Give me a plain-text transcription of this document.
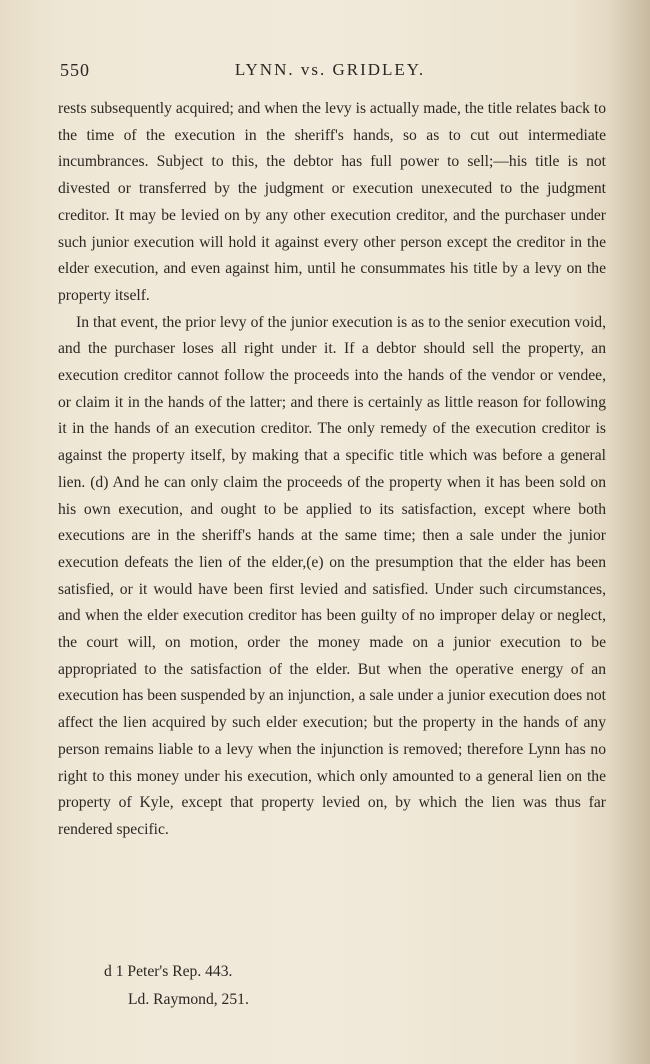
550	LYNN. vs. GRIDLEY.

rests subsequently acquired; and when the levy is actually made, the title relates back to the time of the execution in the sheriff's hands, so as to cut out intermediate incumbrances. Subject to this, the debtor has full power to sell;—his title is not divested or transferred by the judgment or execution unexecuted to the judgment creditor. It may be levied on by any other execution creditor, and the purchaser under such junior execution will hold it against every other person except the creditor in the elder execution, and even against him, until he consummates his title by a levy on the property itself.

In that event, the prior levy of the junior execution is as to the senior execution void, and the purchaser loses all right under it. If a debtor should sell the property, an execution creditor cannot follow the proceeds into the hands of the vendor or vendee, or claim it in the hands of the latter; and there is certainly as little reason for following it in the hands of an execution creditor. The only remedy of the execution creditor is against the property itself, by making that a specific title which was before a general lien. (d) And he can only claim the proceeds of the property when it has been sold on his own execution, and ought to be applied to its satisfaction, except where both executions are in the sheriff's hands at the same time; then a sale under the junior execution defeats the lien of the elder,(e) on the presumption that the elder has been satisfied, or it would have been first levied and satisfied. Under such circumstances, and when the elder execution creditor has been guilty of no improper delay or neglect, the court will, on motion, order the money made on a junior execution to be appropriated to the satisfaction of the elder. But when the operative energy of an execution has been suspended by an injunction, a sale under a junior execution does not affect the lien acquired by such elder execution; but the property in the hands of any person remains liable to a levy when the injunction is removed; therefore Lynn has no right to this money under his execution, which only amounted to a general lien on the property of Kyle, except that property levied on, by which the lien was thus far rendered specific.

d 1 Peter's Rep. 443.
Ld. Raymond, 251.
